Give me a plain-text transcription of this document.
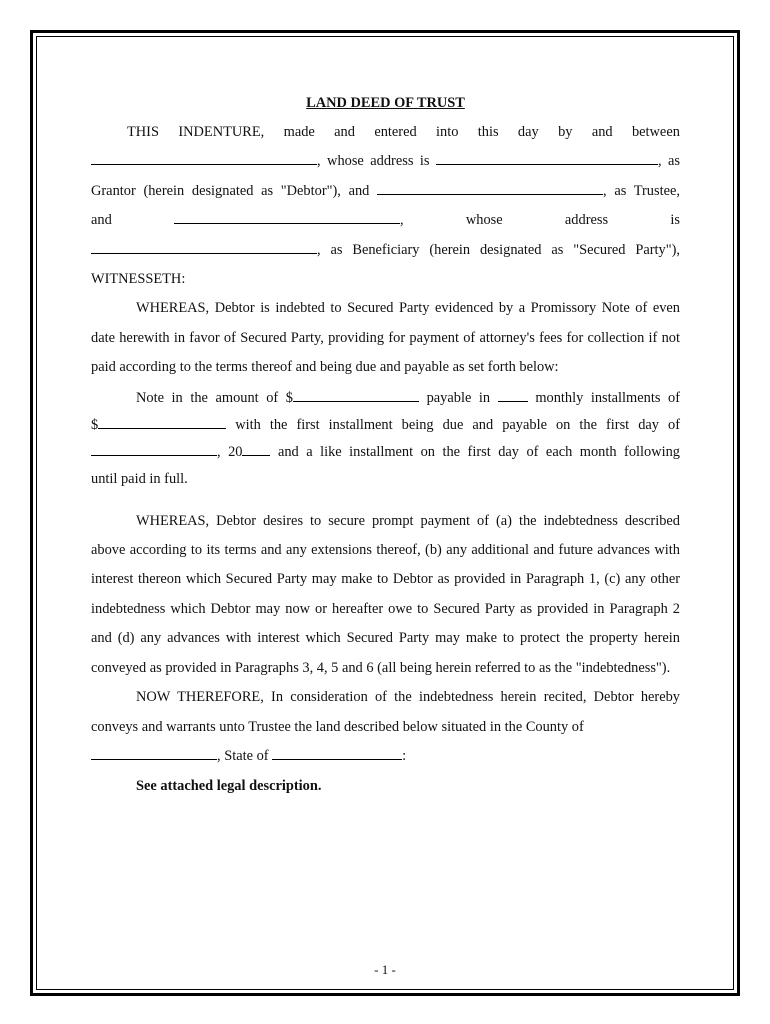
LAND DEED OF TRUST

THIS INDENTURE, made and entered into this day by and between

, whose address is	, as

Grantor (herein designated as "Debtor"), and	, as Trustee,

and	,	whose	address	is

, as Beneficiary (herein designated as "Secured Party"),

WITNESSETH:

WHEREAS, Debtor is indebted to Secured Party evidenced by a Promissory Note of even date herewith in favor of Secured Party, providing for payment of attorney's fees for collection if not paid according to the terms thereof and being due and payable as set forth below:

Note in the amount of $	payable in	monthly installments of

$	with the first installment being due and payable on the first day of

, 20 and a like installment on the first day of each month following

until paid in full.

WHEREAS, Debtor desires to secure prompt payment of (a) the indebtedness described above according to its terms and any extensions thereof, (b) any additional and future advances with interest thereon which Secured Party may make to Debtor as provided in Paragraph 1, (c) any other indebtedness which Debtor may now or hereafter owe to Secured Party as provided in Paragraph 2 and (d) any advances with interest which Secured Party may make to protect the property herein conveyed as provided in Paragraphs 3, 4, 5 and 6 (all being herein referred to as the "indebtedness").

NOW THEREFORE, In consideration of the indebtedness herein recited, Debtor hereby conveys and warrants unto Trustee the land described below situated in the County of

, State of	:

See attached legal description.

- 1 -
